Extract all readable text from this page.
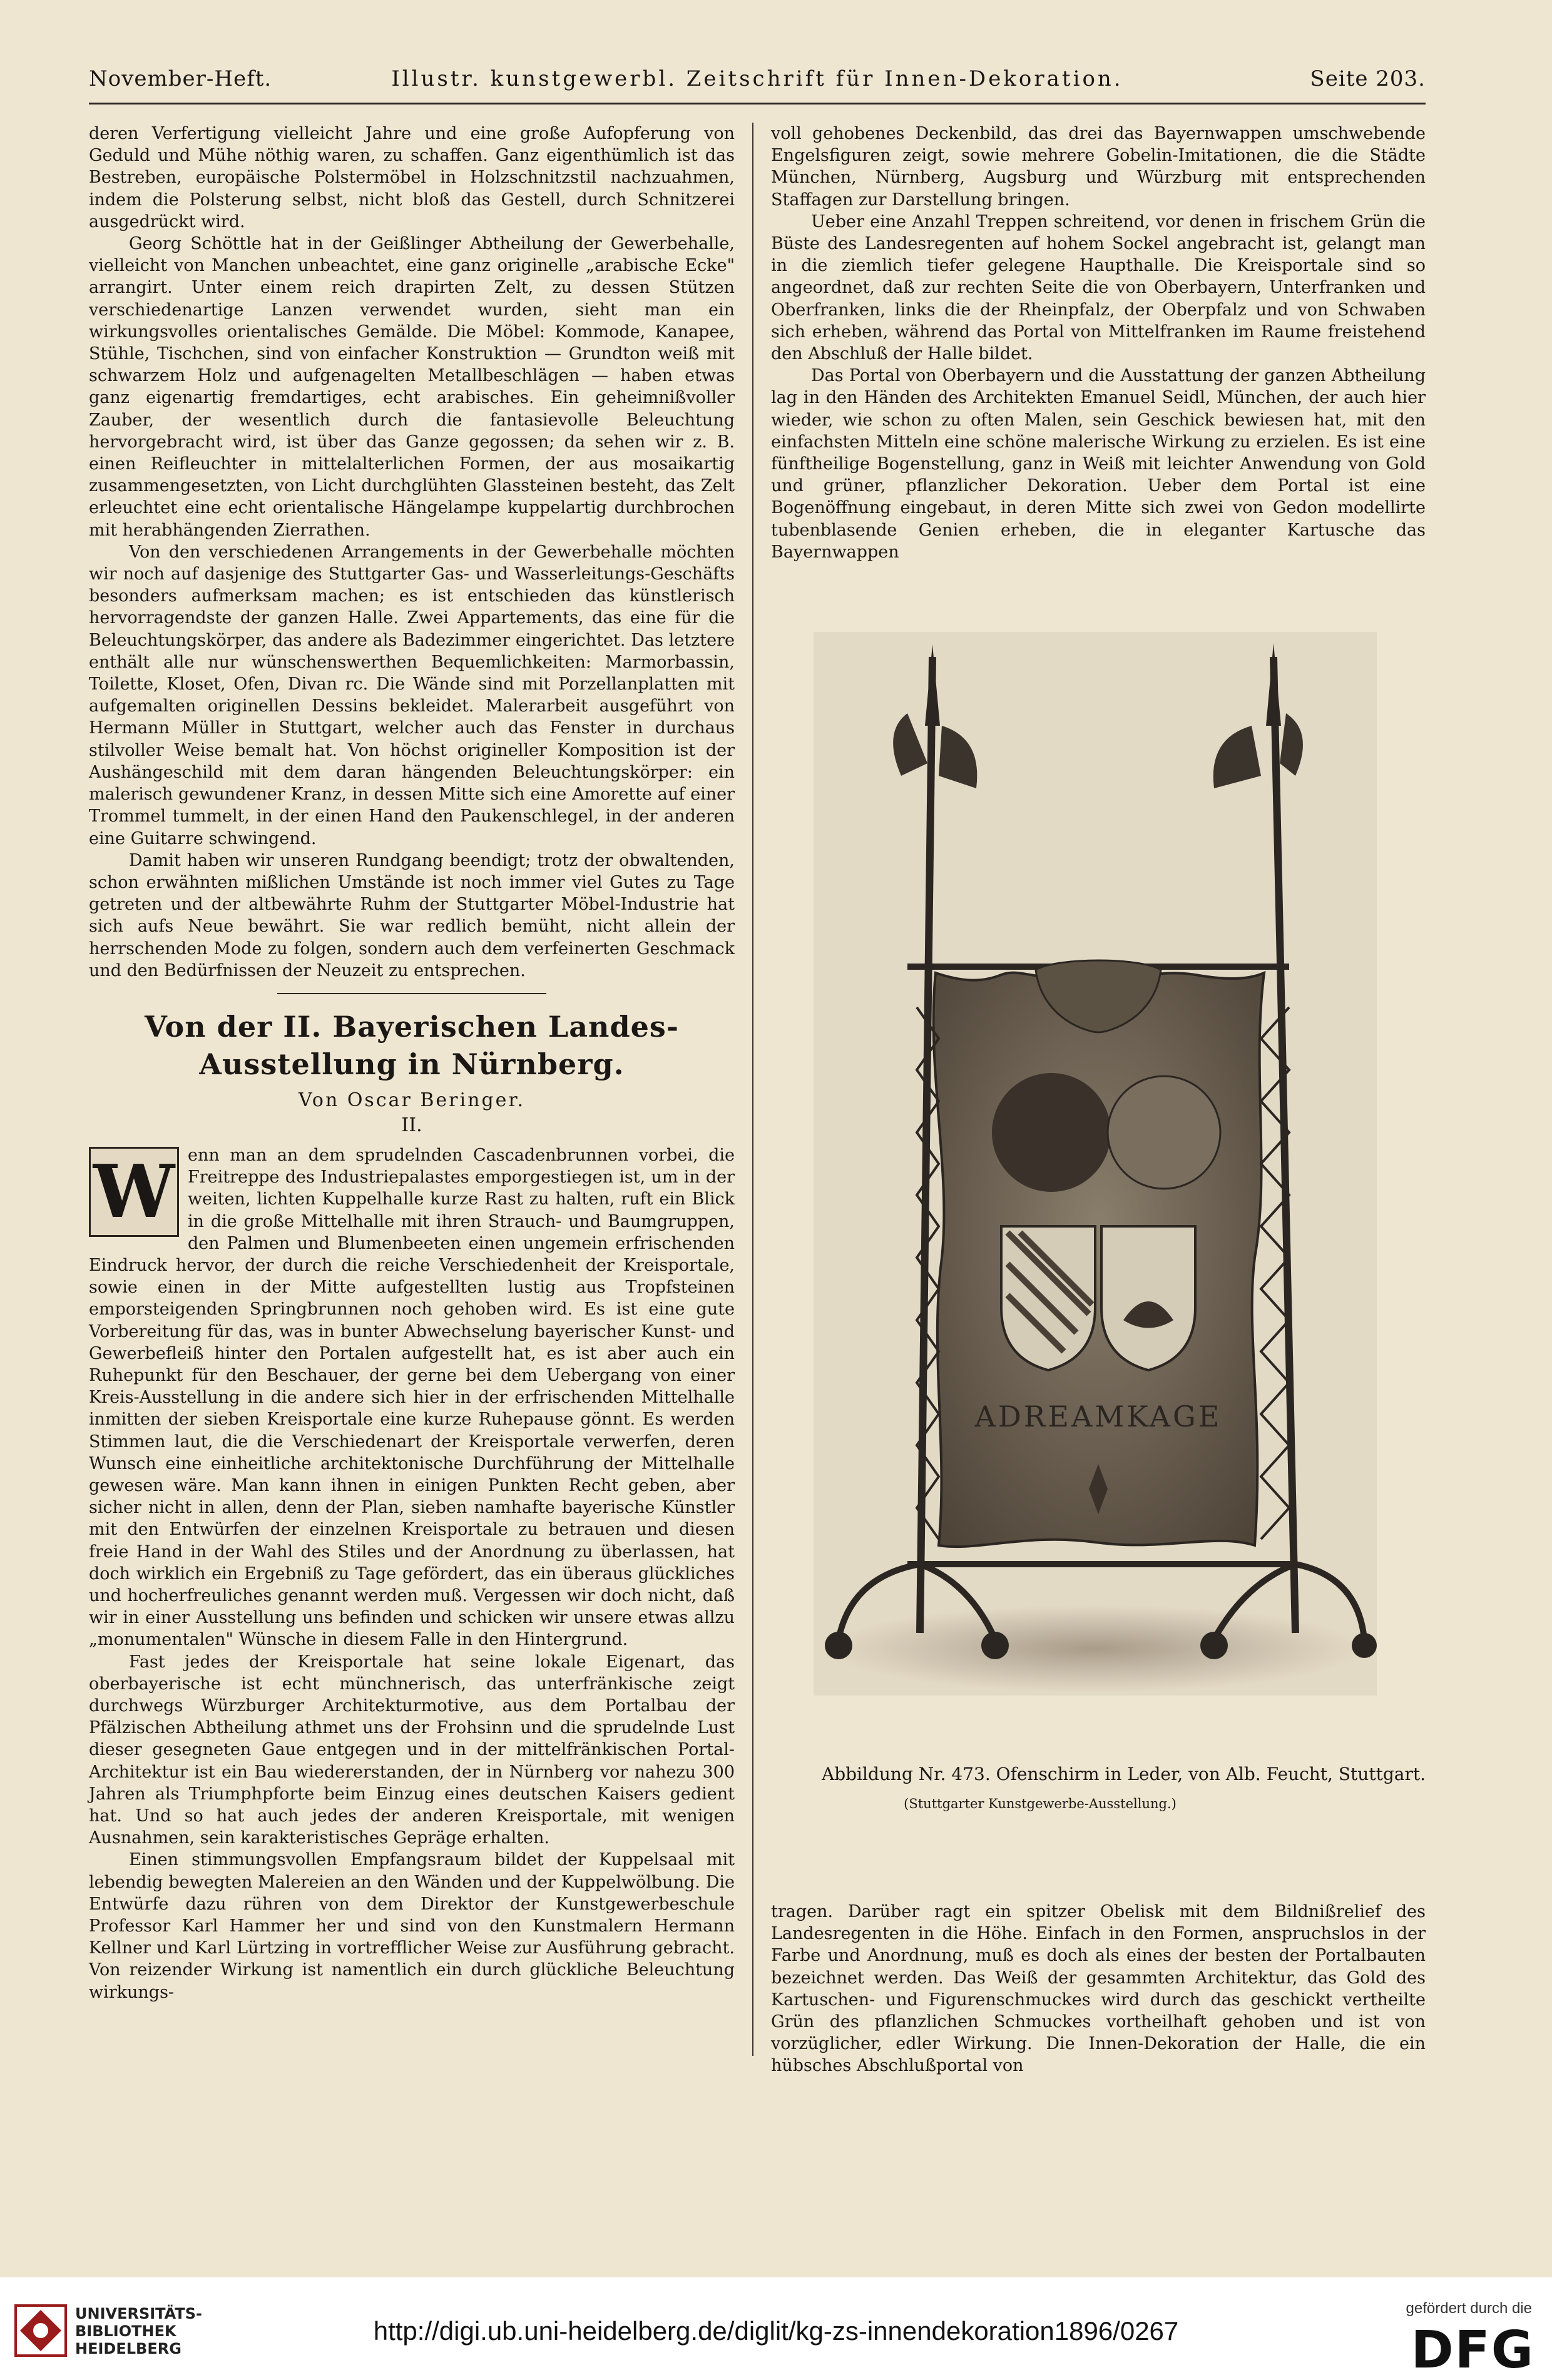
November-Heft.	Illustr. kunstgewerbl. Zeitschrift für Innen-Dekoration.	Seite 203.

deren Verfertigung vielleicht Jahre und eine große Aufopferung von Geduld und Mühe nöthig waren, zu schaffen. Ganz eigenthümlich ist das Bestreben, europäische Polstermöbel in Holzschnitzstil nachzuahmen, indem die Polsterung selbst, nicht bloß das Gestell, durch Schnitzerei ausgedrückt wird.

Georg Schöttle hat in der Geißlinger Abtheilung der Gewerbehalle, vielleicht von Manchen unbeachtet, eine ganz originelle „arabische Ecke" arrangirt. Unter einem reich drapirten Zelt, zu dessen Stützen verschiedenartige Lanzen verwendet wurden, sieht man ein wirkungsvolles orientalisches Gemälde. Die Möbel: Kommode, Kanapee, Stühle, Tischchen, sind von einfacher Konstruktion — Grundton weiß mit schwarzem Holz und aufgenagelten Metallbeschlägen — haben etwas ganz eigenartig fremdartiges, echt arabisches. Ein geheimnißvoller Zauber, der wesentlich durch die fantasievolle Beleuchtung hervorgebracht wird, ist über das Ganze gegossen; da sehen wir z. B. einen Reifleuchter in mittelalterlichen Formen, der aus mosaikartig zusammengesetzten, von Licht durchglühten Glassteinen besteht, das Zelt erleuchtet eine echt orientalische Hängelampe kuppelartig durchbrochen mit herabhängenden Zierrathen.

Von den verschiedenen Arrangements in der Gewerbehalle möchten wir noch auf dasjenige des Stuttgarter Gas- und Wasserleitungs-Geschäfts besonders aufmerksam machen; es ist entschieden das künstlerisch hervorragendste der ganzen Halle. Zwei Appartements, das eine für die Beleuchtungskörper, das andere als Badezimmer eingerichtet. Das letztere enthält alle nur wünschenswerthen Bequemlichkeiten: Marmorbassin, Toilette, Kloset, Ofen, Divan rc. Die Wände sind mit Porzellanplatten mit aufgemalten originellen Dessins bekleidet. Malerarbeit ausgeführt von Hermann Müller in Stuttgart, welcher auch das Fenster in durchaus stilvoller Weise bemalt hat. Von höchst origineller Komposition ist der Aushängeschild mit dem daran hängenden Beleuchtungskörper: ein malerisch gewundener Kranz, in dessen Mitte sich eine Amorette auf einer Trommel tummelt, in der einen Hand den Paukenschlegel, in der anderen eine Guitarre schwingend.

Damit haben wir unseren Rundgang beendigt; trotz der obwaltenden, schon erwähnten mißlichen Umstände ist noch immer viel Gutes zu Tage getreten und der altbewährte Ruhm der Stuttgarter Möbel-Industrie hat sich aufs Neue bewährt. Sie war redlich bemüht, nicht allein der herrschenden Mode zu folgen, sondern auch dem verfeinerten Geschmack und den Bedürfnissen der Neuzeit zu entsprechen.

Von der II. Bayerischen Landes-Ausstellung in Nürnberg.
Von Oscar Beringer.
II.

W enn man an dem sprudelnden Cascadenbrunnen vorbei, die Freitreppe des Industriepalastes emporgestiegen ist, um in der weiten, lichten Kuppelhalle kurze Rast zu halten, ruft ein Blick in die große Mittelhalle mit ihren Strauch- und Baumgruppen, den Palmen und Blumenbeeten einen ungemein erfrischenden Eindruck hervor, der durch die reiche Verschiedenheit der Kreisportale, sowie einen in der Mitte aufgestellten lustig aus Tropfsteinen emporsteigenden Springbrunnen noch gehoben wird. Es ist eine gute Vorbereitung für das, was in bunter Abwechselung bayerischer Kunst- und Gewerbefleiß hinter den Portalen aufgestellt hat, es ist aber auch ein Ruhepunkt für den Beschauer, der gerne bei dem Uebergang von einer Kreis-Ausstellung in die andere sich hier in der erfrischenden Mittelhalle inmitten der sieben Kreisportale eine kurze Ruhepause gönnt. Es werden Stimmen laut, die die Verschiedenart der Kreisportale verwerfen, deren Wunsch eine einheitliche architektonische Durchführung der Mittelhalle gewesen wäre. Man kann ihnen in einigen Punkten Recht geben, aber sicher nicht in allen, denn der Plan, sieben namhafte bayerische Künstler mit den Entwürfen der einzelnen Kreisportale zu betrauen und diesen freie Hand in der Wahl des Stiles und der Anordnung zu überlassen, hat doch wirklich ein Ergebniß zu Tage gefördert, das ein überaus glückliches und hocherfreuliches genannt werden muß. Vergessen wir doch nicht, daß wir in einer Ausstellung uns befinden und schicken wir unsere etwas allzu „monumentalen" Wünsche in diesem Falle in den Hintergrund.

Fast jedes der Kreisportale hat seine lokale Eigenart, das oberbayerische ist echt münchnerisch, das unterfränkische zeigt durchwegs Würzburger Architekturmotive, aus dem Portalbau der Pfälzischen Abtheilung athmet uns der Frohsinn und die sprudelnde Lust dieser gesegneten Gaue entgegen und in der mittelfränkischen Portal-Architektur ist ein Bau wiedererstanden, der in Nürnberg vor nahezu 300 Jahren als Triumphpforte beim Einzug eines deutschen Kaisers gedient hat. Und so hat auch jedes der anderen Kreisportale, mit wenigen Ausnahmen, sein karakteristisches Gepräge erhalten.

Einen stimmungsvollen Empfangsraum bildet der Kuppelsaal mit lebendig bewegten Malereien an den Wänden und der Kuppelwölbung. Die Entwürfe dazu rühren von dem Direktor der Kunstgewerbeschule Professor Karl Hammer her und sind von den Kunstmalern Hermann Kellner und Karl Lürtzing in vortrefflicher Weise zur Ausführung gebracht. Von reizender Wirkung ist namentlich ein durch glückliche Beleuchtung wirkungs-

voll gehobenes Deckenbild, das drei das Bayernwappen umschwebende Engelsfiguren zeigt, sowie mehrere Gobelin-Imitationen, die die Städte München, Nürnberg, Augsburg und Würzburg mit entsprechenden Staffagen zur Darstellung bringen.

Ueber eine Anzahl Treppen schreitend, vor denen in frischem Grün die Büste des Landesregenten auf hohem Sockel angebracht ist, gelangt man in die ziemlich tiefer gelegene Haupthalle. Die Kreisportale sind so angeordnet, daß zur rechten Seite die von Oberbayern, Unterfranken und Oberfranken, links die der Rheinpfalz, der Oberpfalz und von Schwaben sich erheben, während das Portal von Mittelfranken im Raume freistehend den Abschluß der Halle bildet.

Das Portal von Oberbayern und die Ausstattung der ganzen Abtheilung lag in den Händen des Architekten Emanuel Seidl, München, der auch hier wieder, wie schon zu often Malen, sein Geschick bewiesen hat, mit den einfachsten Mitteln eine schöne malerische Wirkung zu erzielen. Es ist eine fünftheilige Bogenstellung, ganz in Weiß mit leichter Anwendung von Gold und grüner, pflanzlicher Dekoration. Ueber dem Portal ist eine Bogenöffnung eingebaut, in deren Mitte sich zwei von Gedon modellirte tubenblasende Genien erheben, die in eleganter Kartusche das Bayernwappen

ADREAMKAGE
Abbildung Nr. 473. Ofenschirm in Leder, von Alb. Feucht, Stuttgart.
(Stuttgarter Kunstgewerbe-Ausstellung.)

tragen. Darüber ragt ein spitzer Obelisk mit dem Bildnißrelief des Landesregenten in die Höhe. Einfach in den Formen, anspruchslos in der Farbe und Anordnung, muß es doch als eines der besten der Portalbauten bezeichnet werden. Das Weiß der gesammten Architektur, das Gold des Kartuschen- und Figurenschmuckes wird durch das geschickt vertheilte Grün des pflanzlichen Schmuckes vortheilhaft gehoben und ist von vorzüglicher, edler Wirkung. Die Innen-Dekoration der Halle, die ein hübsches Abschlußportal von

UNIVERSITÄTS-
BIBLIOTHEK
HEIDELBERG
http://digi.ub.uni-heidelberg.de/diglit/kg-zs-innendekoration1896/0267
gefördert durch die
DFG
